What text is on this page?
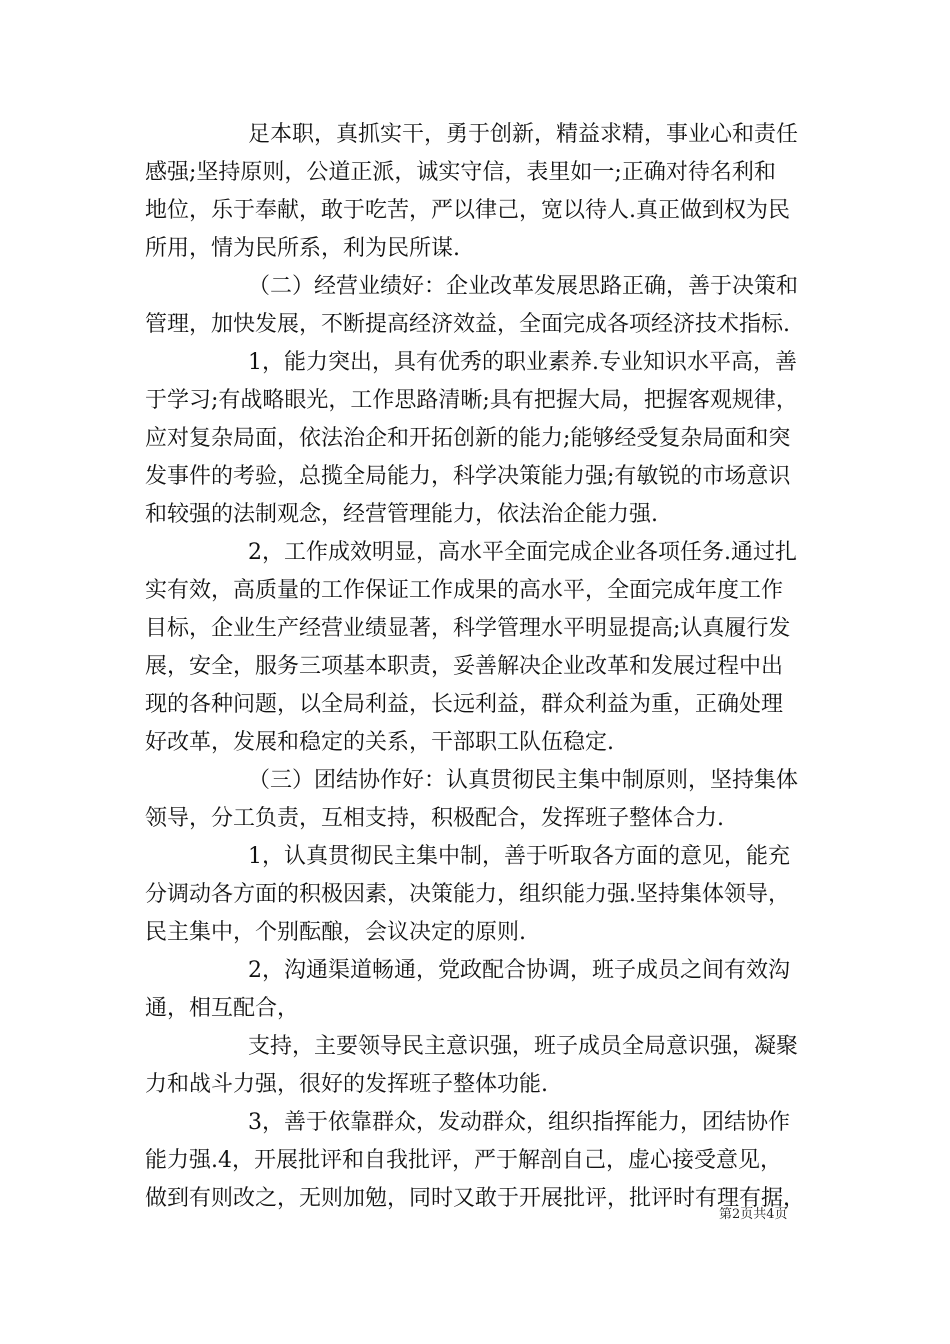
足本职，真抓实干，勇于创新，精益求精，事业心和责任
感强;坚持原则，公道正派，诚实守信，表里如一;正确对待名利和
地位，乐于奉献，敢于吃苦，严以律己，宽以待人.真正做到权为民
所用，情为民所系，利为民所谋.
（二）经营业绩好：企业改革发展思路正确，善于决策和
管理，加快发展，不断提高经济效益，全面完成各项经济技术指标.
1，能力突出，具有优秀的职业素养.专业知识水平高，善
于学习;有战略眼光，工作思路清晰;具有把握大局，把握客观规律，
应对复杂局面，依法治企和开拓创新的能力;能够经受复杂局面和突
发事件的考验，总揽全局能力，科学决策能力强;有敏锐的市场意识
和较强的法制观念，经营管理能力，依法治企能力强.
2，工作成效明显，高水平全面完成企业各项任务.通过扎
实有效，高质量的工作保证工作成果的高水平，全面完成年度工作
目标，企业生产经营业绩显著，科学管理水平明显提高;认真履行发
展，安全，服务三项基本职责，妥善解决企业改革和发展过程中出
现的各种问题，以全局利益，长远利益，群众利益为重，正确处理
好改革，发展和稳定的关系，干部职工队伍稳定.
（三）团结协作好：认真贯彻民主集中制原则，坚持集体
领导，分工负责，互相支持，积极配合，发挥班子整体合力.
1，认真贯彻民主集中制，善于听取各方面的意见，能充
分调动各方面的积极因素，决策能力，组织能力强.坚持集体领导，
民主集中，个别酝酿，会议决定的原则.
2，沟通渠道畅通，党政配合协调，班子成员之间有效沟
通，相互配合，
支持，主要领导民主意识强，班子成员全局意识强，凝聚
力和战斗力强，很好的发挥班子整体功能.
3，善于依靠群众，发动群众，组织指挥能力，团结协作
能力强.4，开展批评和自我批评，严于解剖自己，虚心接受意见，
做到有则改之，无则加勉，同时又敢于开展批评，批评时有理有据，
第2页共4页
